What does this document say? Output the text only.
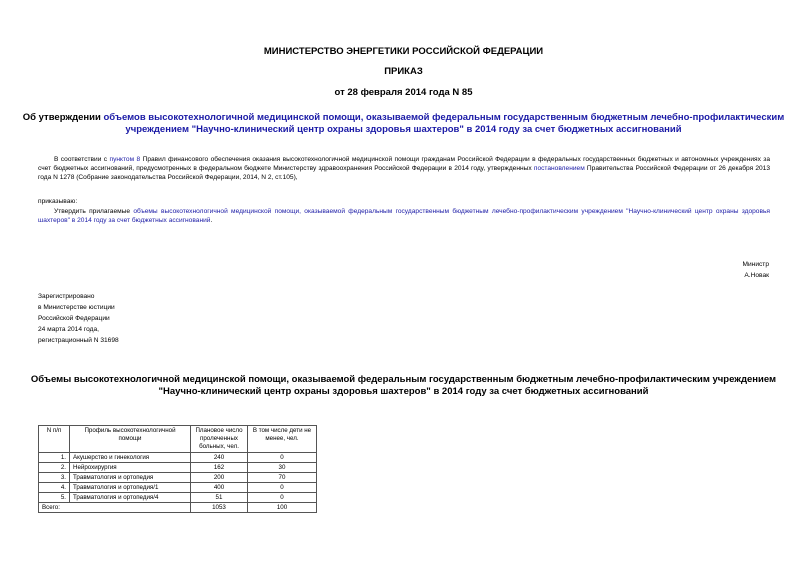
МИНИСТЕРСТВО ЭНЕРГЕТИКИ РОССИЙСКОЙ ФЕДЕРАЦИИ
ПРИКАЗ
от 28 февраля 2014 года N 85
Об утверждении объемов высокотехнологичной медицинской помощи, оказываемой федеральным государственным бюджетным лечебно-профилактическим
учреждением "Научно-клинический центр охраны здоровья шахтеров" в 2014 году за счет бюджетных ассигнований
В соответствии с пунктом 8 Правил финансового обеспечения оказания высокотехнологичной медицинской помощи гражданам Российской Федерации в федеральных государственных бюджетных и автономных учреждениях за счет бюджетных ассигнований, предусмотренных в федеральном бюджете Министерству здравоохранения Российской Федерации в 2014 году, утвержденных постановлением Правительства Российской Федерации от 26 декабря 2013 года N 1278 (Собрание законодательства Российской Федерации, 2014, N 2, ст.105),
приказываю:
Утвердить прилагаемые объемы высокотехнологичной медицинской помощи, оказываемой федеральным государственным бюджетным лечебно-профилактическим учреждением "Научно-клинический центр охраны здоровья шахтеров" в 2014 году за счет бюджетных ассигнований.
Министр
А.Новак
Зарегистрировано
в Министерстве юстиции
Российской Федерации
24 марта 2014 года,
регистрационный N 31698
Объемы высокотехнологичной медицинской помощи, оказываемой федеральным государственным бюджетным лечебно-профилактическим учреждением
"Научно-клинический центр охраны здоровья шахтеров" в 2014 году за счет бюджетных ассигнований
N п/п	Профиль высокотехнологичной помощи	Плановое число пролеченных больных, чел.	В том числе дети не менее, чел.
1.	Акушерство и гинекология	240	0
2.	Нейрохирургия	162	30
3.	Травматология и ортопедия	200	70
4.	Травматология и ортопедия/1	400	0
5.	Травматология и ортопедия/4	51	0
Всего:		1053	100
